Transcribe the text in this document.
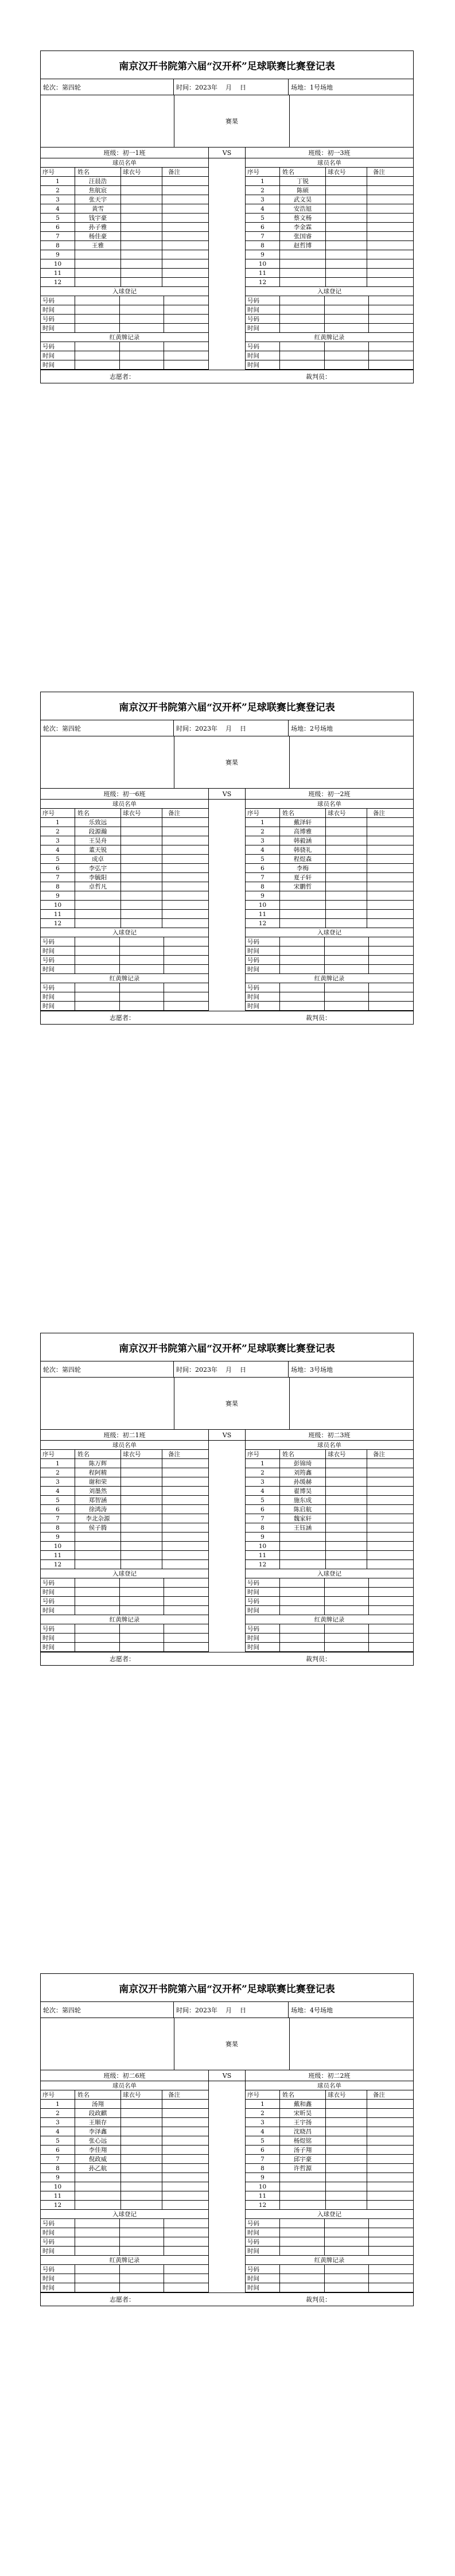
南京汉开书院第六届“汉开杯”足球联赛比赛登记表
轮次：第四轮	时间：2023年 月 日	场地：1号场地
赛果
班级：初一1班
球员名单
序号	姓名	球衣号	备注
1	汪晨浩
2	焦航宸
3	张天宇
4	黄雪
5	钱宇豪
6	孙子雅
7	杨佳豪
8	王雅
9
10
11
12
入球登记
号码
时间
号码
时间
红黄牌记录
号码
时间
时间
VS	班级：初一3班
球员名单
序号	姓名	球衣号	备注
1	丁锐
2	陈硕
3	武文昊
4	安浩旭
5	蔡文杨
6	李金霖
7	张国睿
8	赵哲博
9
10
11
12
入球登记
号码
时间
号码
时间
红黄牌记录
号码
时间
时间
志愿者：	裁判员：
南京汉开书院第六届“汉开杯”足球联赛比赛登记表
轮次：第四轮	时间：2023年 月 日	场地：2号场地
赛果
班级：初一6班
球员名单
序号	姓名	球衣号	备注
1	乐致远
2	段源瀚
3	王昊舟
4	董天锐
5	成卓
6	李弘宇
7	李毓阳
8	卓哲凡
9
10
11
12
入球登记
号码
时间
号码
时间
红黄牌记录
号码
时间
时间
VS	班级：初一2班
球员名单
序号	姓名	球衣号	备注
1	戴泽轩
2	高博雅
3	韩毅涵
4	韩骁礼
5	程煜森
6	李梅
7	夏子轩
8	宋鹏哲
9
10
11
12
入球登记
号码
时间
号码
时间
红黄牌记录
号码
时间
时间
志愿者：	裁判员：
南京汉开书院第六届“汉开杯”足球联赛比赛登记表
轮次：第四轮	时间：2023年 月 日	场地：3号场地
赛果
班级：初二1班
球员名单
序号	姓名	球衣号	备注
1	陈万辉
2	程阿精
3	谢和荣
4	刘墨然
5	郑智涵
6	徐鸿涛
7	李北杂源
8	侯子腾
9
10
11
12
入球登记
号码
时间
号码
时间
红黄牌记录
号码
时间
时间
VS	班级：初二3班
球员名单
序号	姓名	球衣号	备注
1	彭锦琦
2	刘筠鑫
3	孙缓赫
4	翟博昊
5	施东成
6	陈启航
7	魏家轩
8	王钰涵
9
10
11
12
入球登记
号码
时间
号码
时间
红黄牌记录
号码
时间
时间
志愿者：	裁判员：
南京汉开书院第六届“汉开杯”足球联赛比赛登记表
轮次：第四轮	时间：2023年 月 日	场地：4号场地
赛果
班级：初二6班
球员名单
序号	姓名	球衣号	备注
1	汤翔
2	段政麒
3	王顺存
4	李泽鑫
5	张心远
6	李佳翔
7	倪政威
8	孙乙航
9
10
11
12
入球登记
号码
时间
号码
时间
红黄牌记录
号码
时间
时间
VS	班级：初二2班
球员名单
序号	姓名	球衣号	备注
1	戴和鑫
2	宋昕昊
3	王宇扬
4	沈晓昌
5	杨煜铭
6	汤子翔
7	邱宇豪
8	许哲源
9
10
11
12
入球登记
号码
时间
号码
时间
红黄牌记录
号码
时间
时间
志愿者：	裁判员：
